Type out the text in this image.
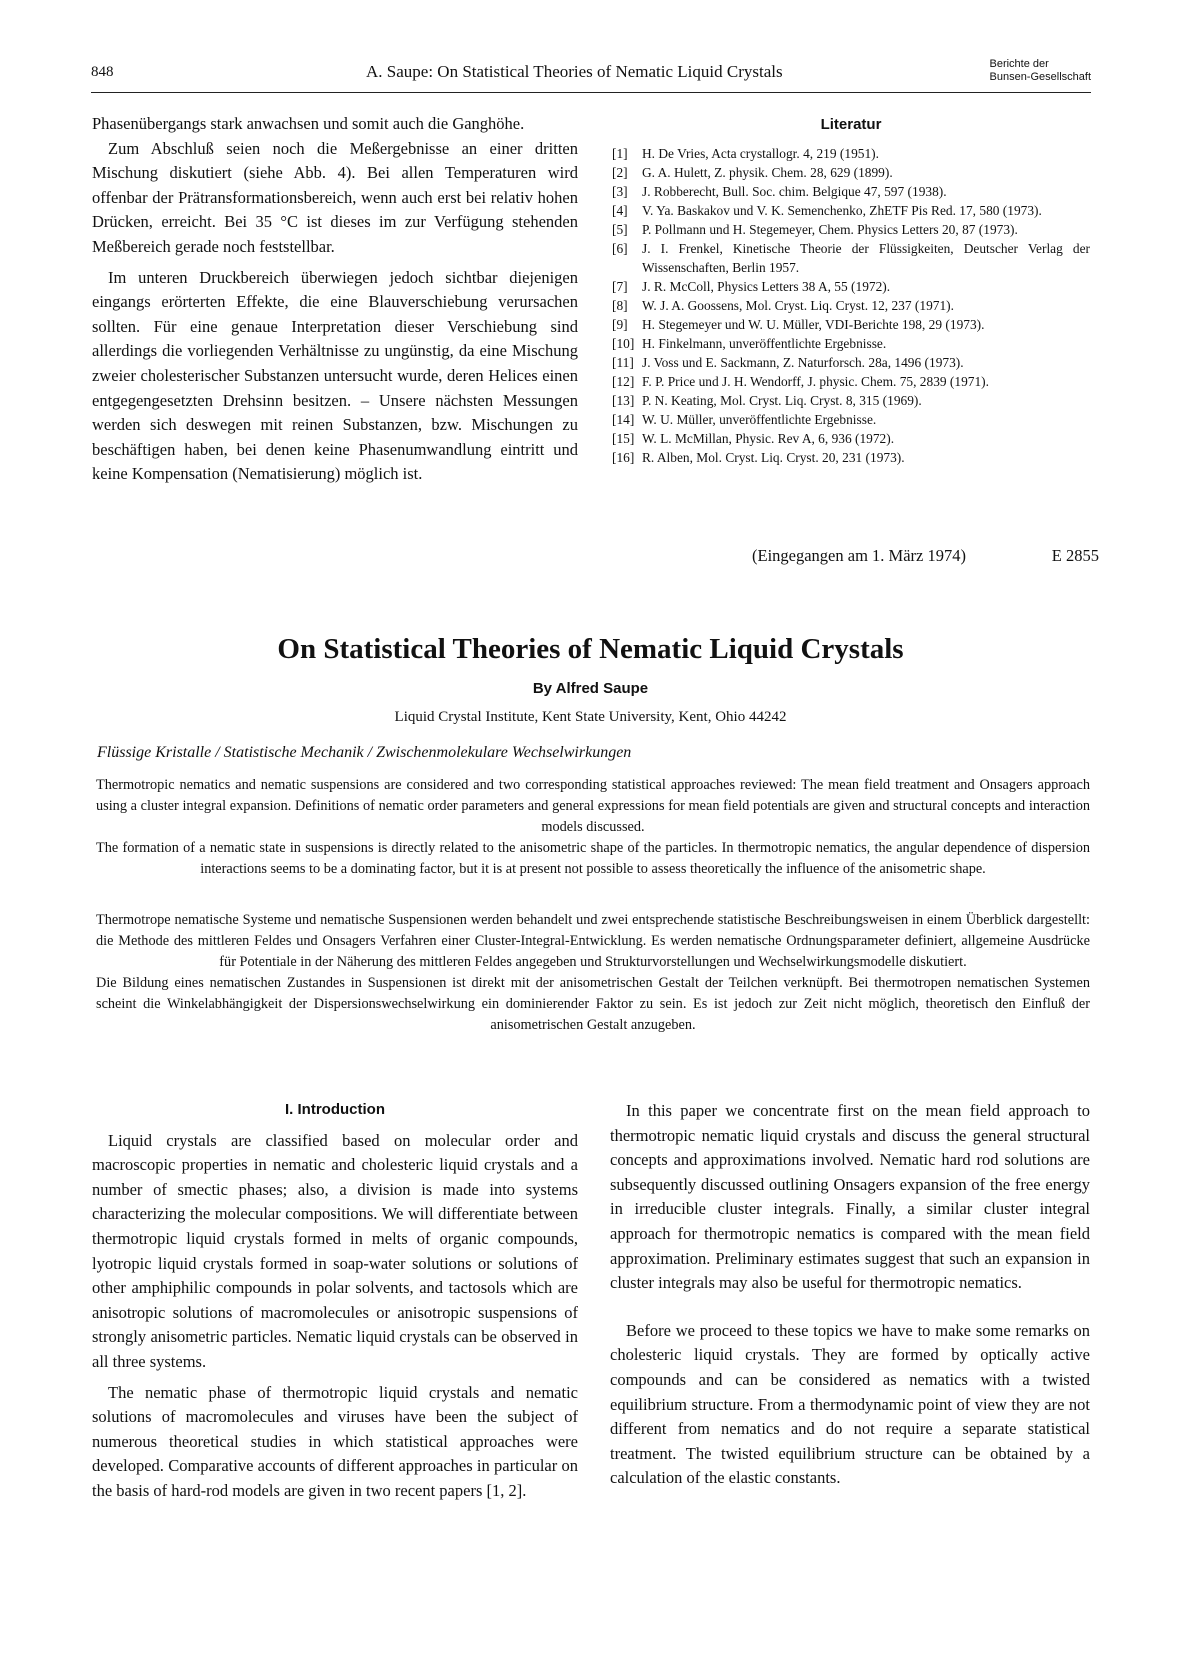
848	A. Saupe: On Statistical Theories of Nematic Liquid Crystals	Berichte der
Bunsen-Gesellschaft

Phasenübergangs stark anwachsen und somit auch die Ganghöhe.

Zum Abschluß seien noch die Meßergebnisse an einer dritten Mischung diskutiert (siehe Abb. 4). Bei allen Temperaturen wird offenbar der Prätransformationsbereich, wenn auch erst bei relativ hohen Drücken, erreicht. Bei 35 °C ist dieses im zur Verfügung stehenden Meßbereich gerade noch feststellbar.

Im unteren Druckbereich überwiegen jedoch sichtbar diejenigen eingangs erörterten Effekte, die eine Blauverschiebung verursachen sollten. Für eine genaue Interpretation dieser Verschiebung sind allerdings die vorliegenden Verhältnisse zu ungünstig, da eine Mischung zweier cholesterischer Substanzen untersucht wurde, deren Helices einen entgegengesetzten Drehsinn besitzen. – Unsere nächsten Messungen werden sich deswegen mit reinen Substanzen, bzw. Mischungen zu beschäftigen haben, bei denen keine Phasenumwandlung eintritt und keine Kompensation (Nematisierung) möglich ist.

Literatur
[1] H. De Vries, Acta crystallogr. 4, 219 (1951).
[2] G. A. Hulett, Z. physik. Chem. 28, 629 (1899).
[3] J. Robberecht, Bull. Soc. chim. Belgique 47, 597 (1938).
[4] V. Ya. Baskakov und V. K. Semenchenko, ZhETF Pis Red. 17, 580 (1973).
[5] P. Pollmann und H. Stegemeyer, Chem. Physics Letters 20, 87 (1973).
[6] J. I. Frenkel, Kinetische Theorie der Flüssigkeiten, Deutscher Verlag der Wissenschaften, Berlin 1957.
[7] J. R. McColl, Physics Letters 38 A, 55 (1972).
[8] W. J. A. Goossens, Mol. Cryst. Liq. Cryst. 12, 237 (1971).
[9] H. Stegemeyer und W. U. Müller, VDI-Berichte 198, 29 (1973).
[10] H. Finkelmann, unveröffentlichte Ergebnisse.
[11] J. Voss und E. Sackmann, Z. Naturforsch. 28a, 1496 (1973).
[12] F. P. Price und J. H. Wendorff, J. physic. Chem. 75, 2839 (1971).
[13] P. N. Keating, Mol. Cryst. Liq. Cryst. 8, 315 (1969).
[14] W. U. Müller, unveröffentlichte Ergebnisse.
[15] W. L. McMillan, Physic. Rev A, 6, 936 (1972).
[16] R. Alben, Mol. Cryst. Liq. Cryst. 20, 231 (1973).
(Eingegangen am 1. März 1974)	E 2855
On Statistical Theories of Nematic Liquid Crystals
By Alfred Saupe
Liquid Crystal Institute, Kent State University, Kent, Ohio 44242
Flüssige Kristalle / Statistische Mechanik / Zwischenmolekulare Wechselwirkungen

Thermotropic nematics and nematic suspensions are considered and two corresponding statistical approaches reviewed: The mean field treatment and Onsagers approach using a cluster integral expansion. Definitions of nematic order parameters and general expressions for mean field potentials are given and structural concepts and interaction models discussed.

The formation of a nematic state in suspensions is directly related to the anisometric shape of the particles. In thermotropic nematics, the angular dependence of dispersion interactions seems to be a dominating factor, but it is at present not possible to assess theoretically the influence of the anisometric shape.

Thermotrope nematische Systeme und nematische Suspensionen werden behandelt und zwei entsprechende statistische Beschreibungsweisen in einem Überblick dargestellt: die Methode des mittleren Feldes und Onsagers Verfahren einer Cluster-Integral-Entwicklung. Es werden nematische Ordnungsparameter definiert, allgemeine Ausdrücke für Potentiale in der Näherung des mittleren Feldes angegeben und Strukturvorstellungen und Wechselwirkungsmodelle diskutiert.

Die Bildung eines nematischen Zustandes in Suspensionen ist direkt mit der anisometrischen Gestalt der Teilchen verknüpft. Bei thermotropen nematischen Systemen scheint die Winkelabhängigkeit der Dispersionswechselwirkung ein dominierender Faktor zu sein. Es ist jedoch zur Zeit nicht möglich, theoretisch den Einfluß der anisometrischen Gestalt anzugeben.

I. Introduction

Liquid crystals are classified based on molecular order and macroscopic properties in nematic and cholesteric liquid crystals and a number of smectic phases; also, a division is made into systems characterizing the molecular compositions. We will differentiate between thermotropic liquid crystals formed in melts of organic compounds, lyotropic liquid crystals formed in soap-water solutions or solutions of other amphiphilic compounds in polar solvents, and tactosols which are anisotropic solutions of macromolecules or anisotropic suspensions of strongly anisometric particles. Nematic liquid crystals can be observed in all three systems.

The nematic phase of thermotropic liquid crystals and nematic solutions of macromolecules and viruses have been the subject of numerous theoretical studies in which statistical approaches were developed. Comparative accounts of different approaches in particular on the basis of hard-rod models are given in two recent papers [1, 2].

In this paper we concentrate first on the mean field approach to thermotropic nematic liquid crystals and discuss the general structural concepts and approximations involved. Nematic hard rod solutions are subsequently discussed outlining Onsagers expansion of the free energy in irreducible cluster integrals. Finally, a similar cluster integral approach for thermotropic nematics is compared with the mean field approximation. Preliminary estimates suggest that such an expansion in cluster integrals may also be useful for thermotropic nematics.

Before we proceed to these topics we have to make some remarks on cholesteric liquid crystals. They are formed by optically active compounds and can be considered as nematics with a twisted equilibrium structure. From a thermodynamic point of view they are not different from nematics and do not require a separate statistical treatment. The twisted equilibrium structure can be obtained by a calculation of the elastic constants.
